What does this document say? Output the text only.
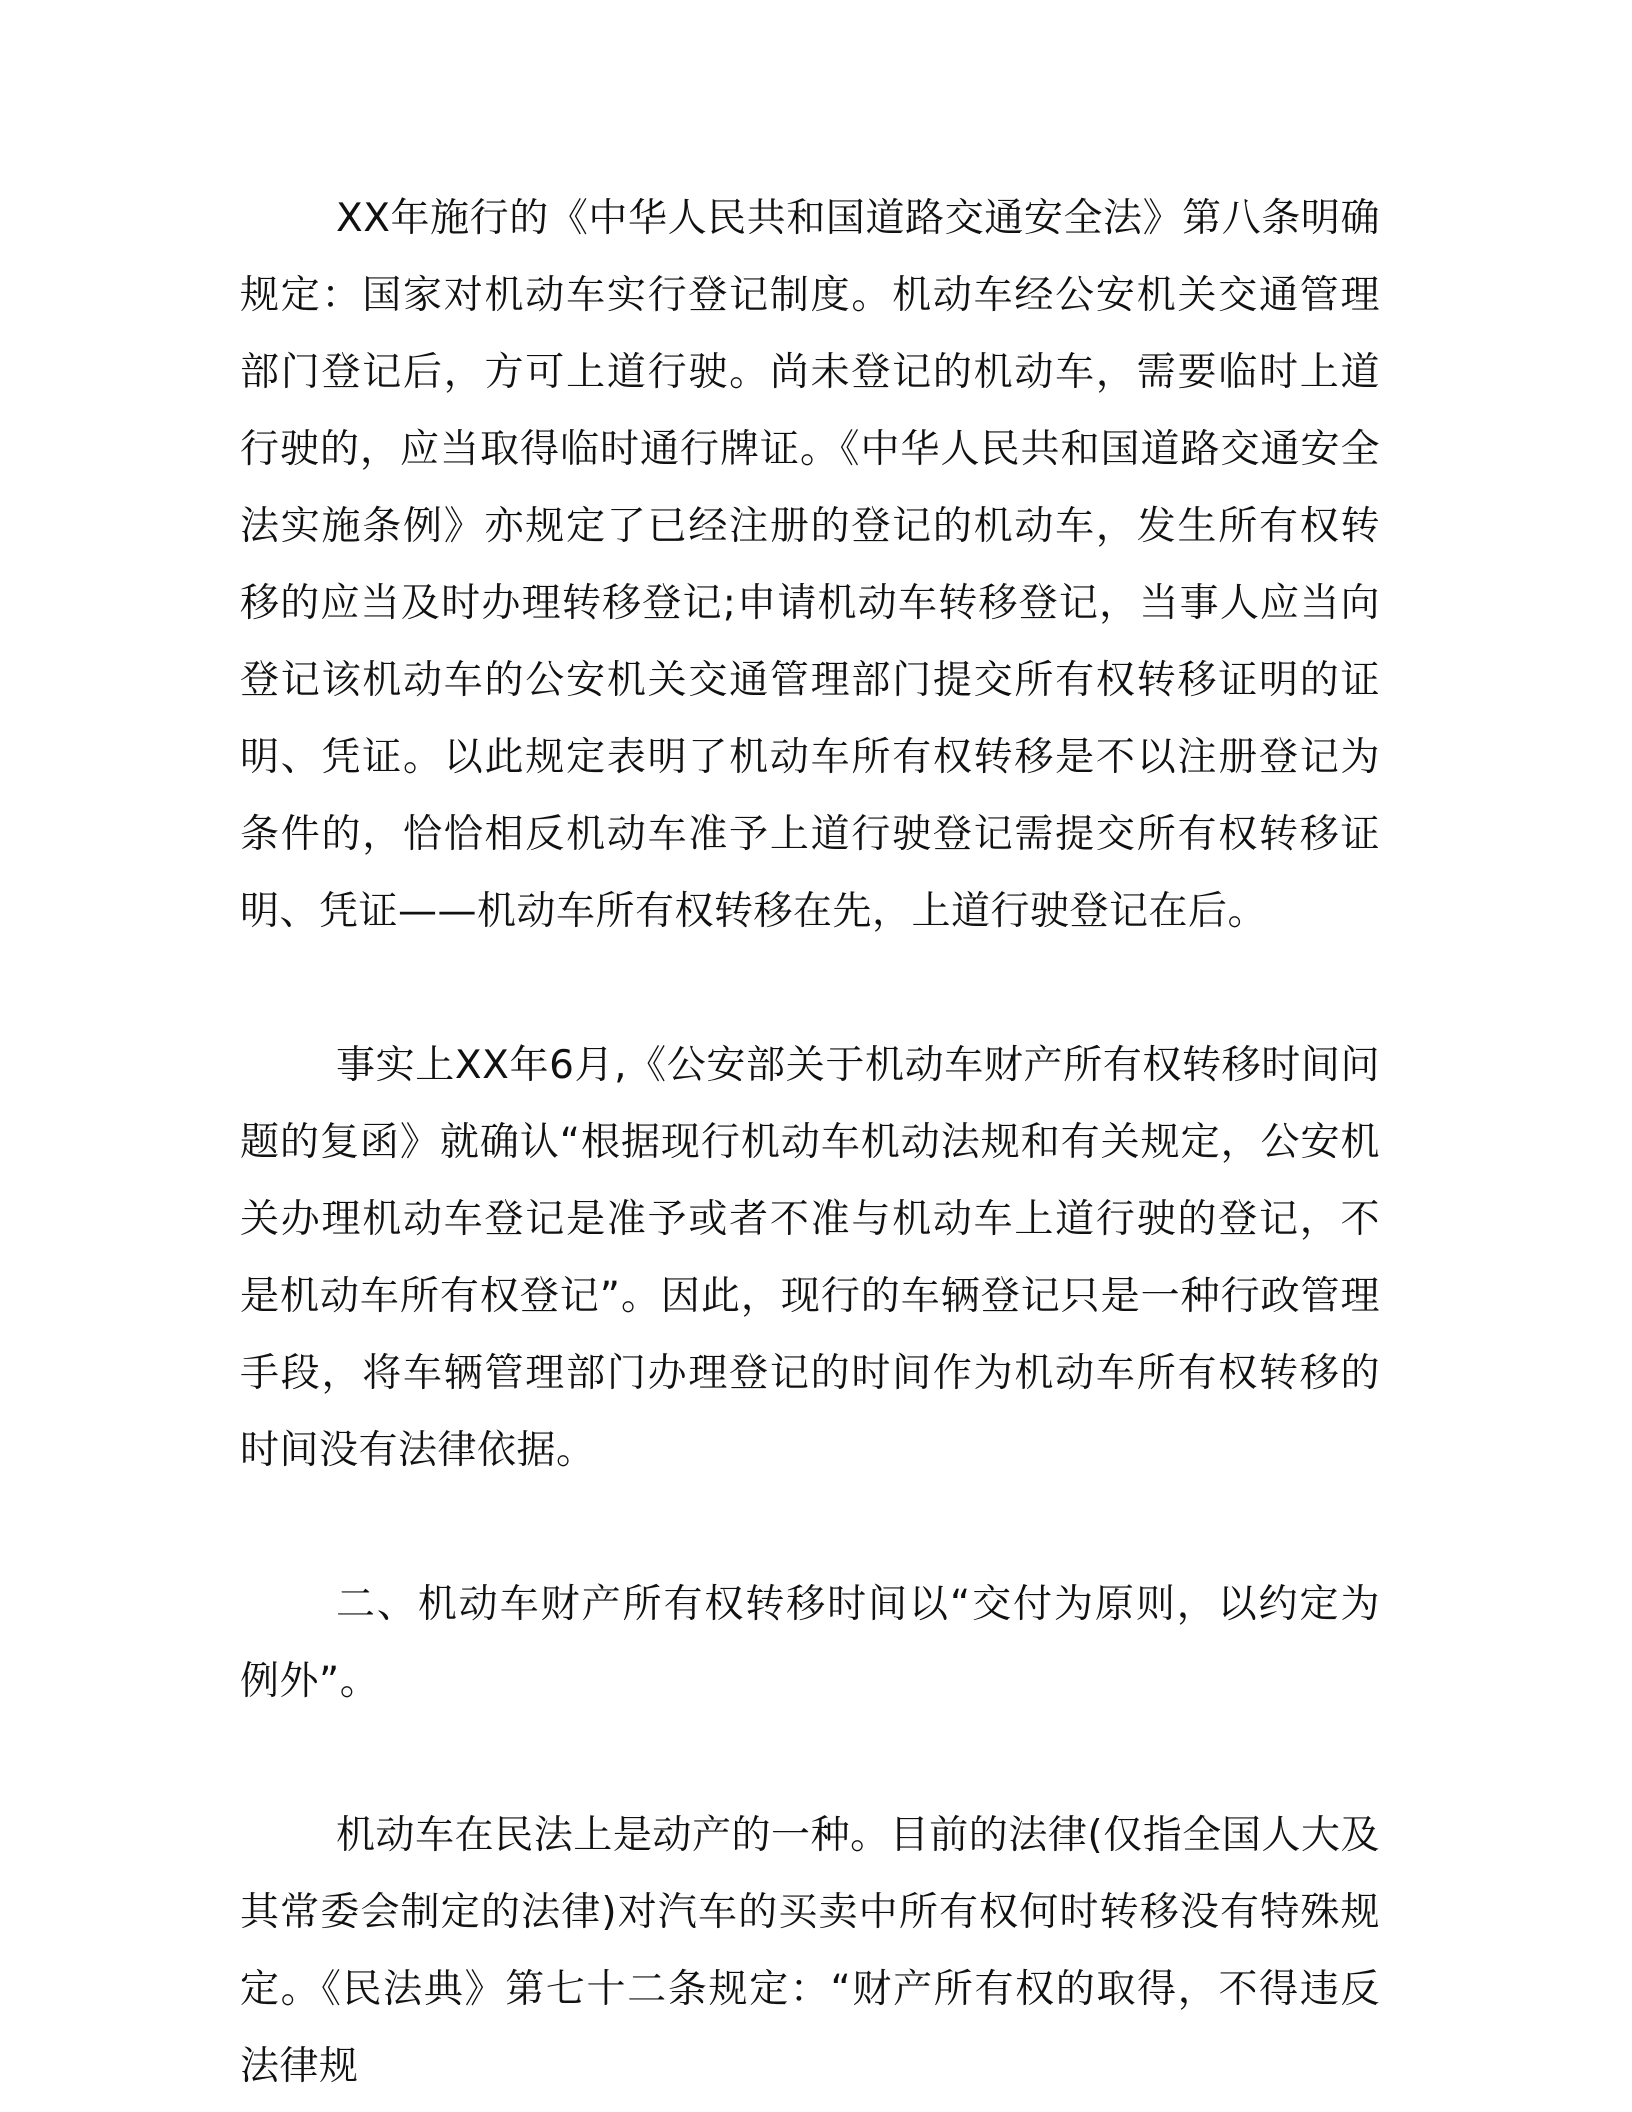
XX年施行的《中华人民共和国道路交通安全法》第八条明确规定：国家对机动车实行登记制度。机动车经公安机关交通管理部门登记后，方可上道行驶。尚未登记的机动车，需要临时上道行驶的，应当取得临时通行牌证。《中华人民共和国道路交通安全法实施条例》亦规定了已经注册的登记的机动车，发生所有权转移的应当及时办理转移登记;申请机动车转移登记，当事人应当向登记该机动车的公安机关交通管理部门提交所有权转移证明的证明、凭证。以此规定表明了机动车所有权转移是不以注册登记为条件的，恰恰相反机动车准予上道行驶登记需提交所有权转移证明、凭证——机动车所有权转移在先，上道行驶登记在后。

事实上XX年6月,《公安部关于机动车财产所有权转移时间问题的复函》就确认“根据现行机动车机动法规和有关规定，公安机关办理机动车登记是准予或者不准与机动车上道行驶的登记，不是机动车所有权登记”。因此，现行的车辆登记只是一种行政管理手段，将车辆管理部门办理登记的时间作为机动车所有权转移的时间没有法律依据。

二、机动车财产所有权转移时间以“交付为原则，以约定为例外”。

机动车在民法上是动产的一种。目前的法律(仅指全国人大及其常委会制定的法律)对汽车的买卖中所有权何时转移没有特殊规定。《民法典》第七十二条规定：“财产所有权的取得，不得违反法律规
